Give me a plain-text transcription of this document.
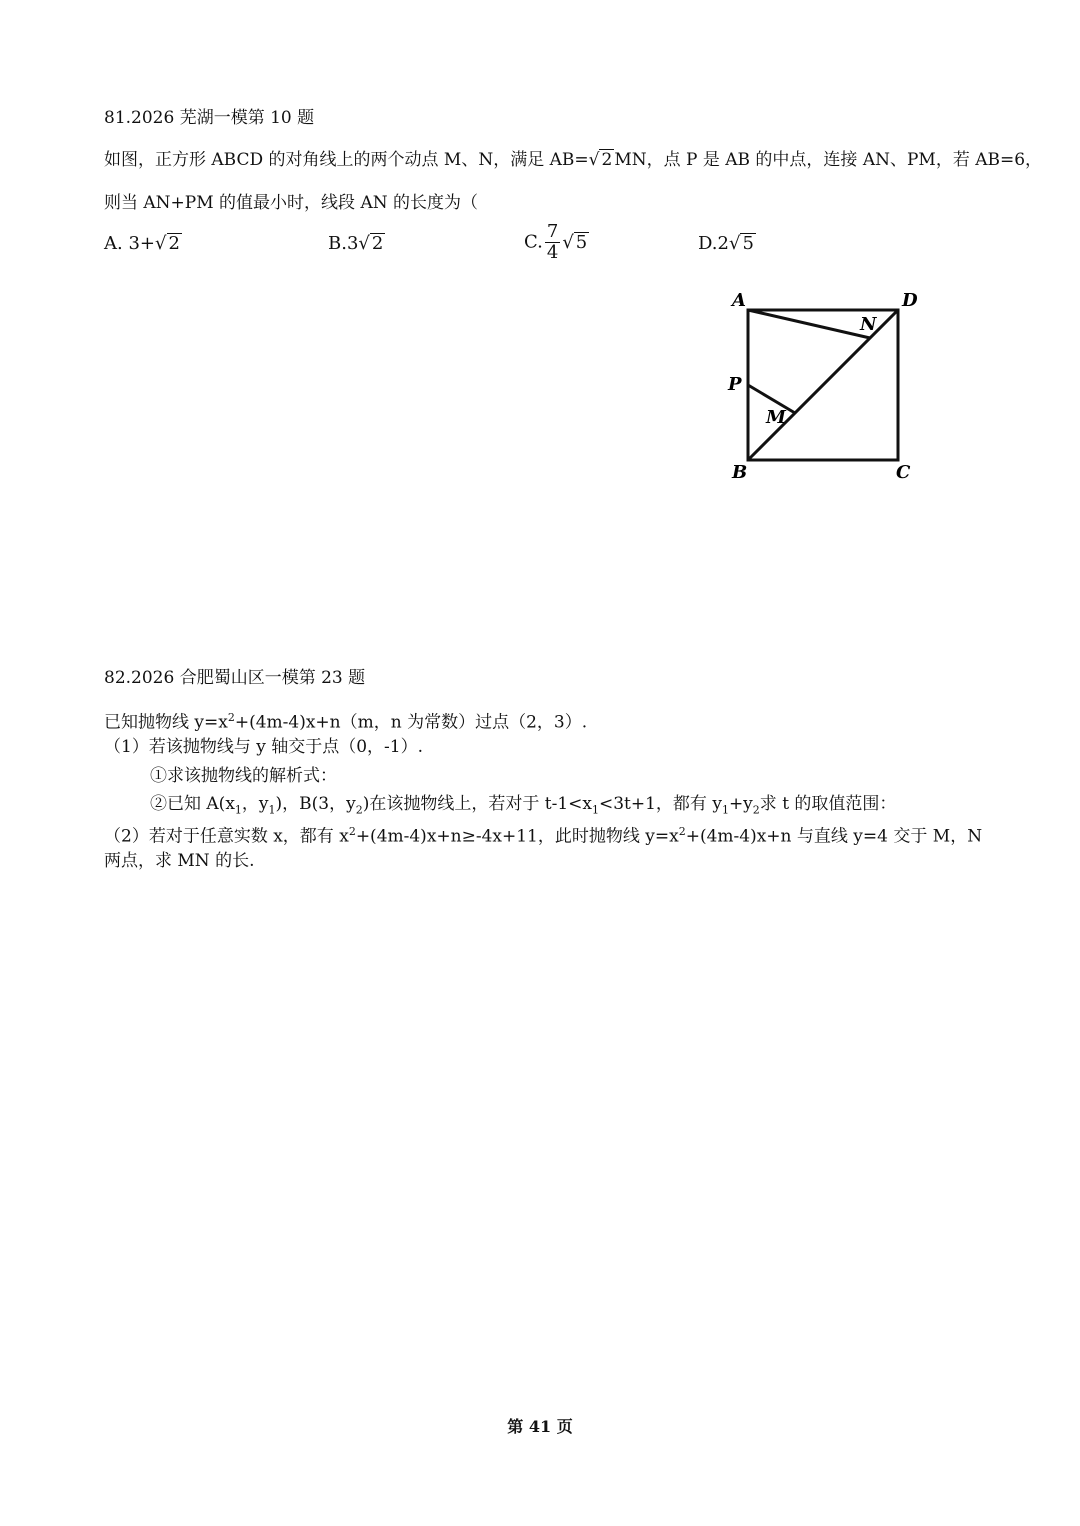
81.2026 芜湖一模第 10 题
如图，正方形 ABCD 的对角线上的两个动点 M、N，满足 AB=√ 2 MN，点 P 是 AB 的中点，连接 AN、PM，若 AB=6，
则当 AN+PM 的值最小时，线段 AN 的长度为（
A. 3+√ 2	B.3√ 2	C. $\frac{7}{4}$ √ 5	D.2√ 5
A	D
B	C
P
M
N
82.2026 合肥蜀山区一模第 23 题
已知抛物线 $y=x^2+(4m-4)x+n(m$，n 为常数）过点（2，3）.
（1）若该抛物线与 y 轴交于点（0，-1）.
①求该抛物线的解析式：
②已知 $A(x_1$，$y_1$)，B(3，$y_2$)在该抛物线上，若对于 $t-1<x_1<3t+1$，都有 $y_1+y_2$求 t 的取值范围：
（2）若对于任意实数 x，都有 $x^2+(4m-4)x+n\ge-4x+11$，此时抛物线 $y=x^2+(4m-4)x+n$ 与直线 y=4 交于 M，N
两点，求 MN 的长.
第 41 页
